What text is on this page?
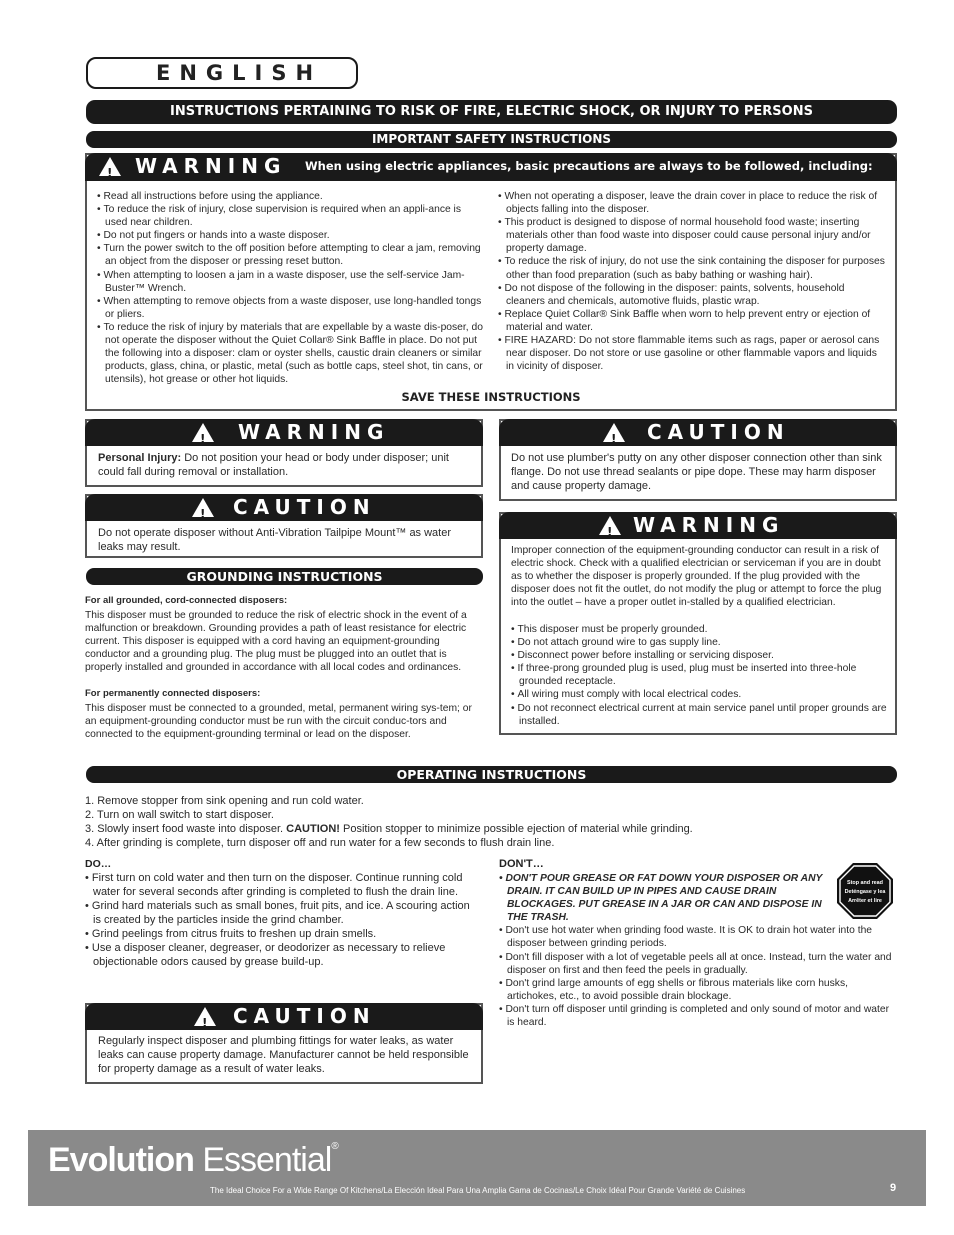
ENGLISH
INSTRUCTIONS PERTAINING TO RISK OF FIRE, ELECTRIC SHOCK, OR INJURY TO PERSONS
IMPORTANT SAFETY INSTRUCTIONS
!
WARNING When using electric appliances, basic precautions are always to be followed, including:
• Read all instructions before using the appliance.
• To reduce the risk of injury, close supervision is required when an appli-ance is used near children.
• Do not put fingers or hands into a waste disposer.
• Turn the power switch to the off position before attempting to clear a jam, removing an object from the disposer or pressing reset button.
• When attempting to loosen a jam in a waste disposer, use the self-service Jam-Buster™ Wrench.
• When attempting to remove objects from a waste disposer, use long-handled tongs or pliers.
• To reduce the risk of injury by materials that are expellable by a waste dis-poser, do not operate the disposer without the Quiet Collar® Sink Baffle in place. Do not put the following into a disposer: clam or oyster shells, caustic drain cleaners or similar products, glass, china, or plastic, metal (such as bottle caps, steel shot, tin cans, or utensils), hot grease or other hot liquids.
• When not operating a disposer, leave the drain cover in place to reduce the risk of objects falling into the disposer.
• This product is designed to dispose of normal household food waste; inserting materials other than food waste into disposer could cause personal injury and/or property damage.
• To reduce the risk of injury, do not use the sink containing the disposer for purposes other than food preparation (such as baby bathing or washing hair).
• Do not dispose of the following in the disposer: paints, solvents, household cleaners and chemicals, automotive fluids, plastic wrap.
• Replace Quiet Collar® Sink Baffle when worn to help prevent entry or ejection of material and water.
• FIRE HAZARD: Do not store flammable items such as rags, paper or aerosol cans near disposer. Do not store or use gasoline or other flammable vapors and liquids in vicinity of disposer.
SAVE THESE INSTRUCTIONS
!
WARNING
Personal Injury: Do not position your head or body under disposer; unit could fall during removal or installation.
!
CAUTION
Do not use plumber's putty on any other disposer connection other than sink flange. Do not use thread sealants or pipe dope. These may harm disposer and cause property damage.
!
CAUTION
Do not operate disposer without Anti-Vibration Tailpipe Mount™ as water leaks may result.
GROUNDING INSTRUCTIONS
For all grounded, cord-connected disposers:
This disposer must be grounded to reduce the risk of electric shock in the event of a malfunction or breakdown. Grounding provides a path of least resistance for electric current. This disposer is equipped with a cord having an equipment-grounding conductor and a grounding plug. The plug must be plugged into an outlet that is properly installed and grounded in accordance with all local codes and ordinances.
For permanently connected disposers:
This disposer must be connected to a grounded, metal, permanent wiring sys-tem; or an equipment-grounding conductor must be run with the circuit conduc-tors and connected to the equipment-grounding terminal or lead on the disposer.
!
WARNING
Improper connection of the equipment-grounding conductor can result in a risk of electric shock. Check with a qualified electrician or serviceman if you are in doubt as to whether the disposer is properly grounded. If the plug provided with the disposer does not fit the outlet, do not modify the plug or attempt to force the plug into the outlet – have a proper outlet in-stalled by a qualified electrician.
• This disposer must be properly grounded.
• Do not attach ground wire to gas supply line.
• Disconnect power before installing or servicing disposer.
• If three-prong grounded plug is used, plug must be inserted into three-hole grounded receptacle.
• All wiring must comply with local electrical codes.
• Do not reconnect electrical current at main service panel until proper grounds are installed.
OPERATING INSTRUCTIONS
1. Remove stopper from sink opening and run cold water.
2. Turn on wall switch to start disposer.
3. Slowly insert food waste into disposer. CAUTION! Position stopper to minimize possible ejection of material while grinding.
4. After grinding is complete, turn disposer off and run water for a few seconds to flush drain line.
DO…
• First turn on cold water and then turn on the disposer. Continue running cold water for several seconds after grinding is completed to flush the drain line.
• Grind hard materials such as small bones, fruit pits, and ice. A scouring action is created by the particles inside the grind chamber.
• Grind peelings from citrus fruits to freshen up drain smells.
• Use a disposer cleaner, degreaser, or deodorizer as necessary to relieve objectionable odors caused by grease build-up.
DON'T…
• DON'T POUR GREASE OR FAT DOWN YOUR DISPOSER OR ANY DRAIN. IT CAN BUILD UP IN PIPES AND CAUSE DRAIN BLOCKAGES. PUT GREASE IN A JAR OR CAN AND DISPOSE IN THE TRASH.
• Don't use hot water when grinding food waste. It is OK to drain hot water into the disposer between grinding periods.
• Don't fill disposer with a lot of vegetable peels all at once. Instead, turn the water and disposer on first and then feed the peels in gradually.
• Don't grind large amounts of egg shells or fibrous materials like corn husks, artichokes, etc., to avoid possible drain blockage.
• Don't turn off disposer until grinding is completed and only sound of motor and water is heard.
Stop and read
Deténgase y lea
Arrêter et lire
!
CAUTION
Regularly inspect disposer and plumbing fittings for water leaks, as water leaks can cause property damage. Manufacturer cannot be held responsible for property damage as a result of water leaks.
Evolution Essential®
The Ideal Choice For a Wide Range Of Kitchens/La Elección Ideal Para Una Amplia Gama de Cocinas/Le Choix Idéal Pour Grande Variété de Cuisines	9
